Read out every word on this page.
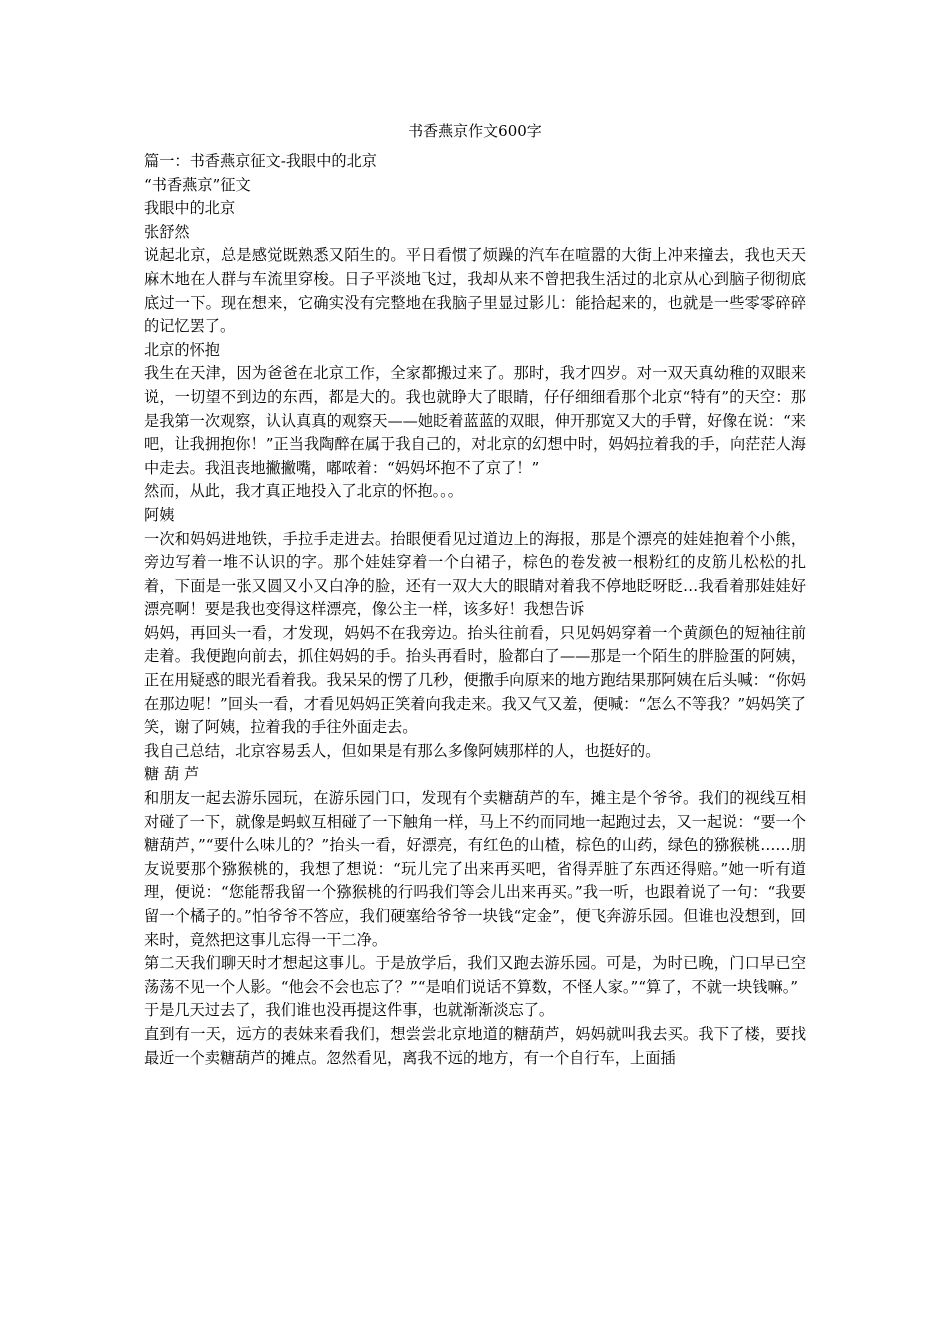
书香燕京作文600字

篇一：书香燕京征文-我眼中的北京

“书香燕京”征文

我眼中的北京

张舒然

说起北京，总是感觉既熟悉又陌生的。平日看惯了烦躁的汽车在喧嚣的大街上冲来撞去，我也天天麻木地在人群与车流里穿梭。日子平淡地飞过，我却从来不曾把我生活过的北京从心到脑子彻彻底底过一下。现在想来，它确实没有完整地在我脑子里显过影儿：能拾起来的，也就是一些零零碎碎的记忆罢了。

北京的怀抱

我生在天津，因为爸爸在北京工作，全家都搬过来了。那时，我才四岁。对一双天真幼稚的双眼来说，一切望不到边的东西，都是大的。我也就睁大了眼睛，仔仔细细看那个北京“特有”的天空：那是我第一次观察，认认真真的观察天——她眨着蓝蓝的双眼，伸开那宽又大的手臂，好像在说：“来吧，让我拥抱你！”正当我陶醉在属于我自己的，对北京的幻想中时，妈妈拉着我的手，向茫茫人海中走去。我沮丧地撇撇嘴，嘟哝着：“妈妈坏抱不了京了！”

然而，从此，我才真正地投入了北京的怀抱。。。

阿姨

一次和妈妈进地铁，手拉手走进去。抬眼便看见过道边上的海报，那是个漂亮的娃娃抱着个小熊，旁边写着一堆不认识的字。那个娃娃穿着一个白裙子，棕色的卷发被一根粉红的皮筋儿松松的扎着，下面是一张又圆又小又白净的脸，还有一双大大的眼睛对着我不停地眨呀眨…我看着那娃娃好漂亮啊！要是我也变得这样漂亮，像公主一样，该多好！我想告诉

妈妈，再回头一看，才发现，妈妈不在我旁边。抬头往前看，只见妈妈穿着一个黄颜色的短袖往前走着。我便跑向前去，抓住妈妈的手。抬头再看时，脸都白了——那是一个陌生的胖脸蛋的阿姨，正在用疑惑的眼光看着我。我呆呆的愣了几秒，便撒手向原来的地方跑结果那阿姨在后头喊：“你妈在那边呢！”回头一看，才看见妈妈正笑着向我走来。我又气又羞，便喊：“怎么不等我？”妈妈笑了笑，谢了阿姨，拉着我的手往外面走去。

我自己总结，北京容易丢人，但如果是有那么多像阿姨那样的人，也挺好的。

糖 葫 芦

和朋友一起去游乐园玩，在游乐园门口，发现有个卖糖葫芦的车，摊主是个爷爷。我们的视线互相对碰了一下，就像是蚂蚁互相碰了一下触角一样，马上不约而同地一起跑过去，又一起说：“要一个糖葫芦，”“要什么味儿的？”抬头一看，好漂亮，有红色的山楂，棕色的山药，绿色的猕猴桃……朋友说要那个猕猴桃的，我想了想说：“玩儿完了出来再买吧，省得弄脏了东西还得赔。”她一听有道理，便说：“您能帮我留一个猕猴桃的行吗我们等会儿出来再买。”我一听，也跟着说了一句：“我要留一个橘子的。”怕爷爷不答应，我们硬塞给爷爷一块钱“定金”，便飞奔游乐园。但谁也没想到，回来时，竟然把这事儿忘得一干二净。

第二天我们聊天时才想起这事儿。于是放学后，我们又跑去游乐园。可是，为时已晚，门口早已空荡荡不见一个人影。“他会不会也忘了？”“是咱们说话不算数，不怪人家。”“算了，不就一块钱嘛。”

于是几天过去了，我们谁也没再提这件事，也就渐渐淡忘了。

直到有一天，远方的表妹来看我们，想尝尝北京地道的糖葫芦，妈妈就叫我去买。我下了楼，要找最近一个卖糖葫芦的摊点。忽然看见，离我不远的地方，有一个自行车，上面插
